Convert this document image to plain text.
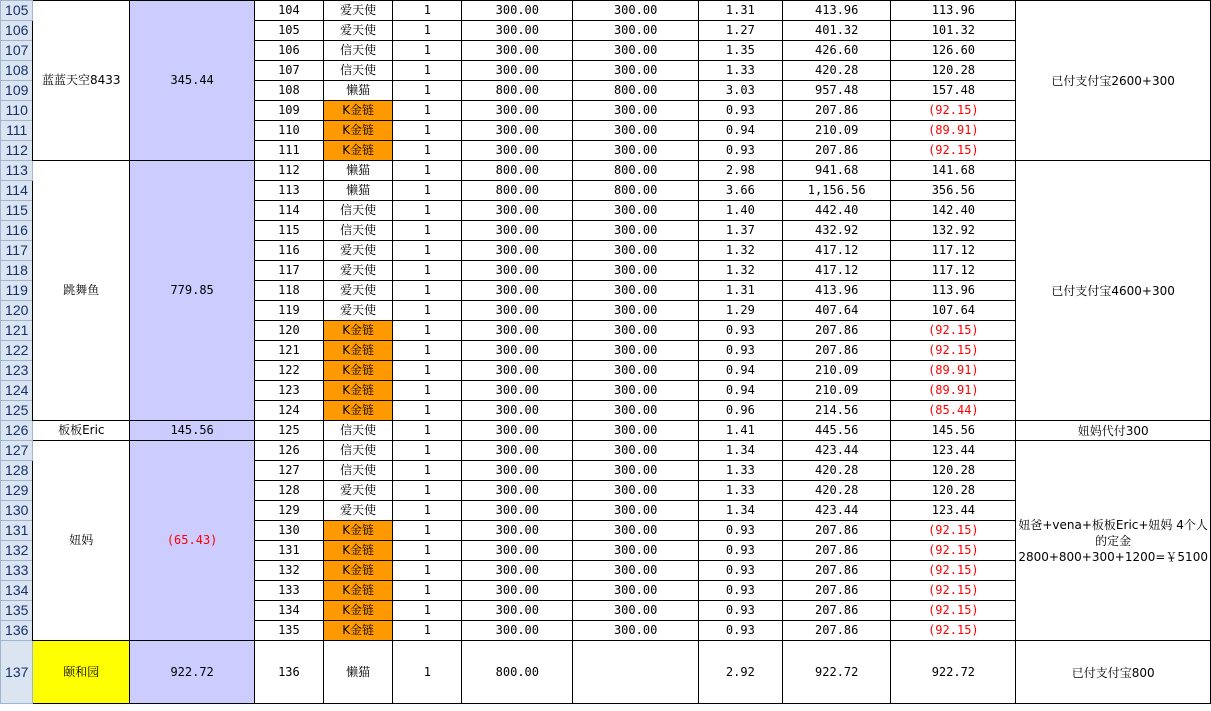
105	蓝蓝天空8433	345.44	104	爱天使	1	300.00	300.00	1.31	413.96	113.96	已付支付宝2600+300
106			105	爱天使	1	300.00	300.00	1.27	401.32	101.32	
107			106	信天使	1	300.00	300.00	1.35	426.60	126.60	
108			107	信天使	1	300.00	300.00	1.33	420.28	120.28	
109			108	懒猫	1	800.00	800.00	3.03	957.48	157.48	
110			109	K金链	1	300.00	300.00	0.93	207.86	(92.15)	
111			110	K金链	1	300.00	300.00	0.94	210.09	(89.91)	
112			111	K金链	1	300.00	300.00	0.93	207.86	(92.15)	
113	跳舞鱼	779.85	112	懒猫	1	800.00	800.00	2.98	941.68	141.68	已付支付宝4600+300
114			113	懒猫	1	800.00	800.00	3.66	1,156.56	356.56	
115			114	信天使	1	300.00	300.00	1.40	442.40	142.40	
116			115	信天使	1	300.00	300.00	1.37	432.92	132.92	
117			116	爱天使	1	300.00	300.00	1.32	417.12	117.12	
118			117	爱天使	1	300.00	300.00	1.32	417.12	117.12	
119			118	爱天使	1	300.00	300.00	1.31	413.96	113.96	
120			119	爱天使	1	300.00	300.00	1.29	407.64	107.64	
121			120	K金链	1	300.00	300.00	0.93	207.86	(92.15)	
122			121	K金链	1	300.00	300.00	0.93	207.86	(92.15)	
123			122	K金链	1	300.00	300.00	0.94	210.09	(89.91)	
124			123	K金链	1	300.00	300.00	0.94	210.09	(89.91)	
125			124	K金链	1	300.00	300.00	0.96	214.56	(85.44)	
126	板板Eric	145.56	125	信天使	1	300.00	300.00	1.41	445.56	145.56	妞妈代付300
127	妞妈	(65.43)	126	信天使	1	300.00	300.00	1.34	423.44	123.44	妞爸+vena+板板Eric+妞妈 4个人的定金2800+800+300+1200=￥5100
128			127	信天使	1	300.00	300.00	1.33	420.28	120.28	
129			128	爱天使	1	300.00	300.00	1.33	420.28	120.28	
130			129	爱天使	1	300.00	300.00	1.34	423.44	123.44	
131			130	K金链	1	300.00	300.00	0.93	207.86	(92.15)	
132			131	K金链	1	300.00	300.00	0.93	207.86	(92.15)	
133			132	K金链	1	300.00	300.00	0.93	207.86	(92.15)	
134			133	K金链	1	300.00	300.00	0.93	207.86	(92.15)	
135			134	K金链	1	300.00	300.00	0.93	207.86	(92.15)	
136			135	K金链	1	300.00	300.00	0.93	207.86	(92.15)	
137	颐和园	922.72	136	懒猫	1	800.00		2.92	922.72	922.72	已付支付宝800
